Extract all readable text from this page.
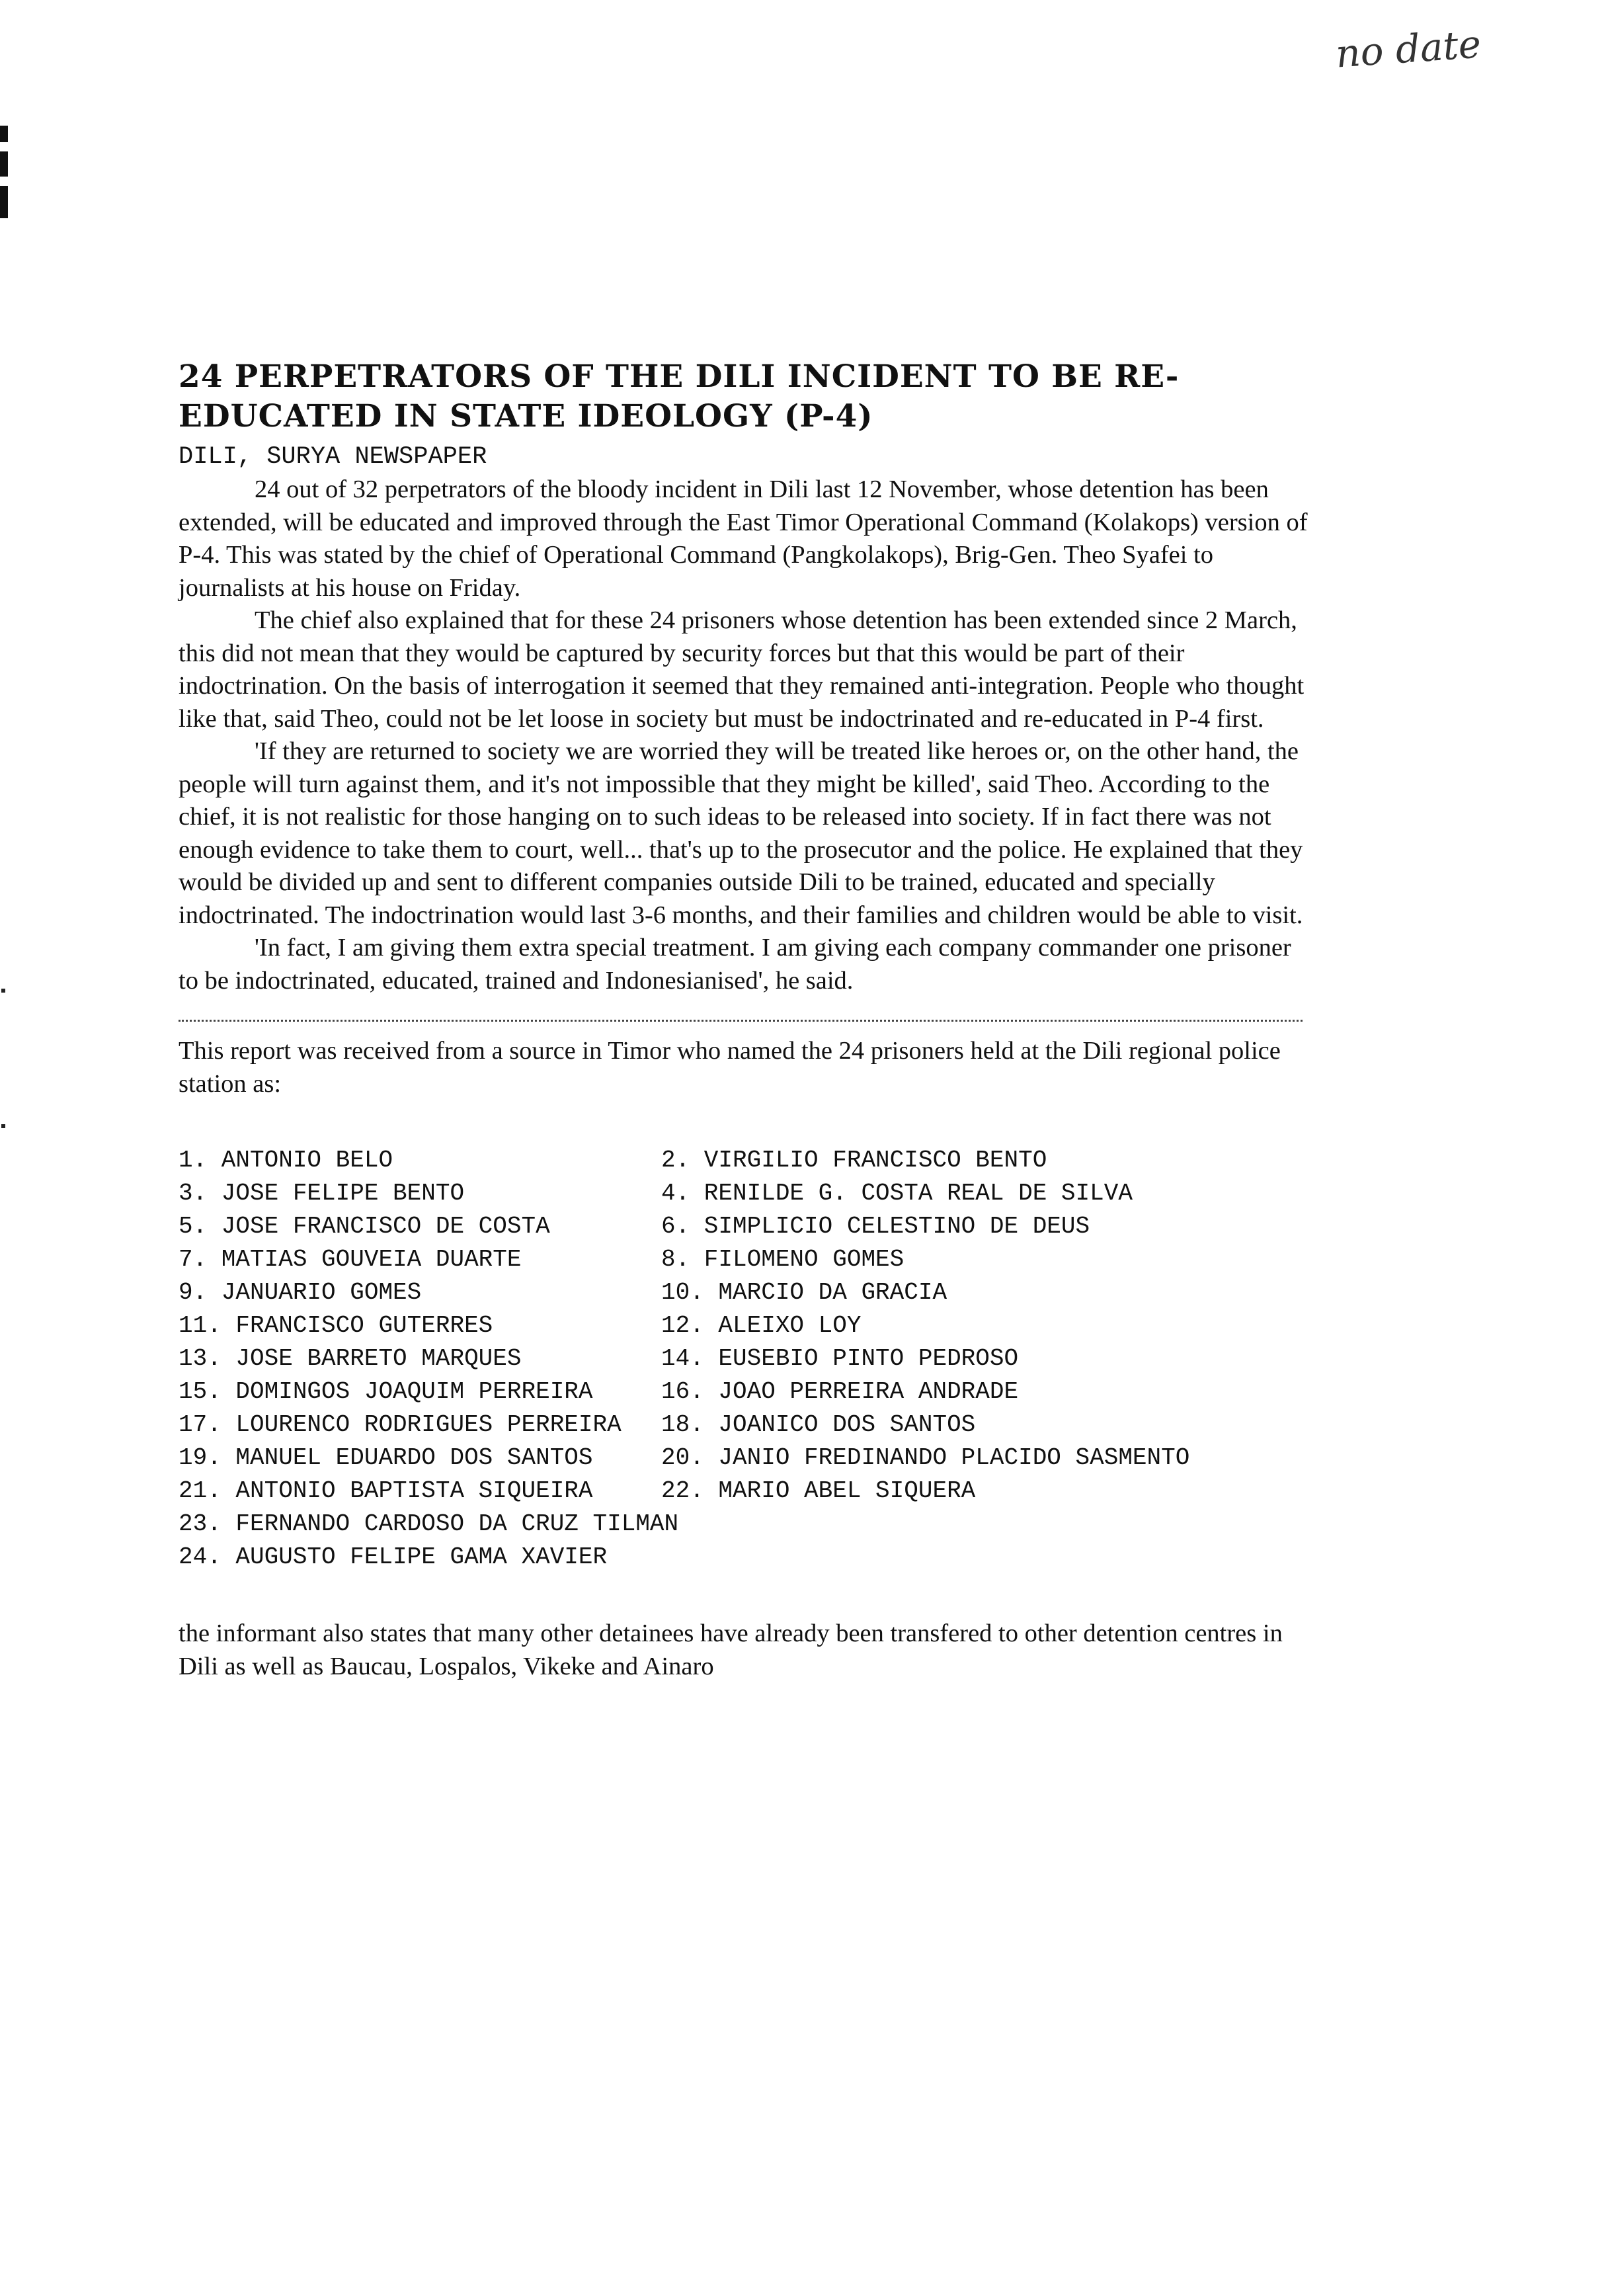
no date
24 PERPETRATORS OF THE DILI INCIDENT TO BE RE-EDUCATED IN STATE IDEOLOGY (P-4)
DILI, SURYA NEWSPAPER

24 out of 32 perpetrators of the bloody incident in Dili last 12 November, whose detention has been extended, will be educated and improved through the East Timor Operational Command (Kolakops) version of P-4. This was stated by the chief of Operational Command (Pangkolakops), Brig-Gen. Theo Syafei to journalists at his house on Friday.

The chief also explained that for these 24 prisoners whose detention has been extended since 2 March, this did not mean that they would be captured by security forces but that this would be part of their indoctrination. On the basis of interrogation it seemed that they remained anti-integration. People who thought like that, said Theo, could not be let loose in society but must be indoctrinated and re-educated in P-4 first.

'If they are returned to society we are worried they will be treated like heroes or, on the other hand, the people will turn against them, and it's not impossible that they might be killed', said Theo. According to the chief, it is not realistic for those hanging on to such ideas to be released into society. If in fact there was not enough evidence to take them to court, well... that's up to the prosecutor and the police. He explained that they would be divided up and sent to different companies outside Dili to be trained, educated and specially indoctrinated. The indoctrination would last 3-6 months, and their families and children would be able to visit.

'In fact, I am giving them extra special treatment. I am giving each company commander one prisoner to be indoctrinated, educated, trained and Indonesianised', he said.

This report was received from a source in Timor who named the 24 prisoners held at the Dili regional police station as:

1. ANTONIO BELO	2. VIRGILIO FRANCISCO BENTO
3. JOSE FELIPE BENTO	4. RENILDE G. COSTA REAL DE SILVA
5. JOSE FRANCISCO DE COSTA	6. SIMPLICIO CELESTINO DE DEUS
7. MATIAS GOUVEIA DUARTE	8. FILOMENO GOMES
9. JANUARIO GOMES	10. MARCIO DA GRACIA
11. FRANCISCO GUTERRES	12. ALEIXO LOY
13. JOSE BARRETO MARQUES	14. EUSEBIO PINTO PEDROSO
15. DOMINGOS JOAQUIM PERREIRA	16. JOAO PERREIRA ANDRADE
17. LOURENCO RODRIGUES PERREIRA	18. JOANICO DOS SANTOS
19. MANUEL EDUARDO DOS SANTOS	20. JANIO FREDINANDO PLACIDO SASMENTO
21. ANTONIO BAPTISTA SIQUEIRA	22. MARIO ABEL SIQUERA
23. FERNANDO CARDOSO DA CRUZ TILMAN
24. AUGUSTO FELIPE GAMA XAVIER

the informant also states that many other detainees have already been transfered to other detention centres in Dili as well as Baucau, Lospalos, Vikeke and Ainaro
